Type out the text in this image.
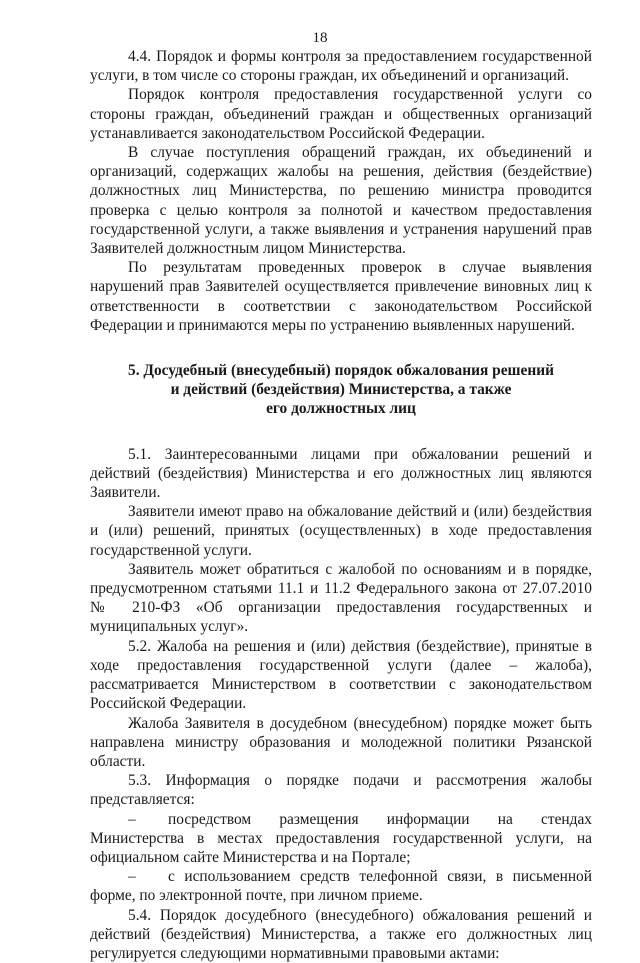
18

4.4. Порядок и формы контроля за предоставлением государственной услуги, в том числе со стороны граждан, их объединений и организаций.

Порядок контроля предоставления государственной услуги со стороны граждан, объединений граждан и общественных организаций устанавливается законодательством Российской Федерации.

В случае поступления обращений граждан, их объединений и организаций, содержащих жалобы на решения, действия (бездействие) должностных лиц Министерства, по решению министра проводится проверка с целью контроля за полнотой и качеством предоставления государственной услуги, а также выявления и устранения нарушений прав Заявителей должностным лицом Министерства.

По результатам проведенных проверок в случае выявления нарушений прав Заявителей осуществляется привлечение виновных лиц к ответственности в соответствии с законодательством Российской Федерации и принимаются меры по устранению выявленных нарушений.

5. Досудебный (внесудебный) порядок обжалования решений
и действий (бездействия) Министерства, а также
его должностных лиц

5.1. Заинтересованными лицами при обжаловании решений и действий (бездействия) Министерства и его должностных лиц являются Заявители.

Заявители имеют право на обжалование действий и (или) бездействия и (или) решений, принятых (осуществленных) в ходе предоставления государственной услуги.

Заявитель может обратиться с жалобой по основаниям и в порядке, предусмотренном статьями 11.1 и 11.2 Федерального закона от 27.07.2010 № 210-ФЗ «Об организации предоставления государственных и муниципальных услуг».

5.2. Жалоба на решения и (или) действия (бездействие), принятые в ходе предоставления государственной услуги (далее – жалоба), рассматривается Министерством в соответствии с законодательством Российской Федерации.

Жалоба Заявителя в досудебном (внесудебном) порядке может быть направлена министру образования и молодежной политики Рязанской области.

5.3. Информация о порядке подачи и рассмотрения жалобы представляется:

–	посредством размещения информации на стендах Министерства в местах предоставления государственной услуги, на официальном сайте Министерства и на Портале;

–	с использованием средств телефонной связи, в письменной форме, по электронной почте, при личном приеме.

5.4. Порядок досудебного (внесудебного) обжалования решений и действий (бездействия) Министерства, а также его должностных лиц регулируется следующими нормативными правовыми актами:
